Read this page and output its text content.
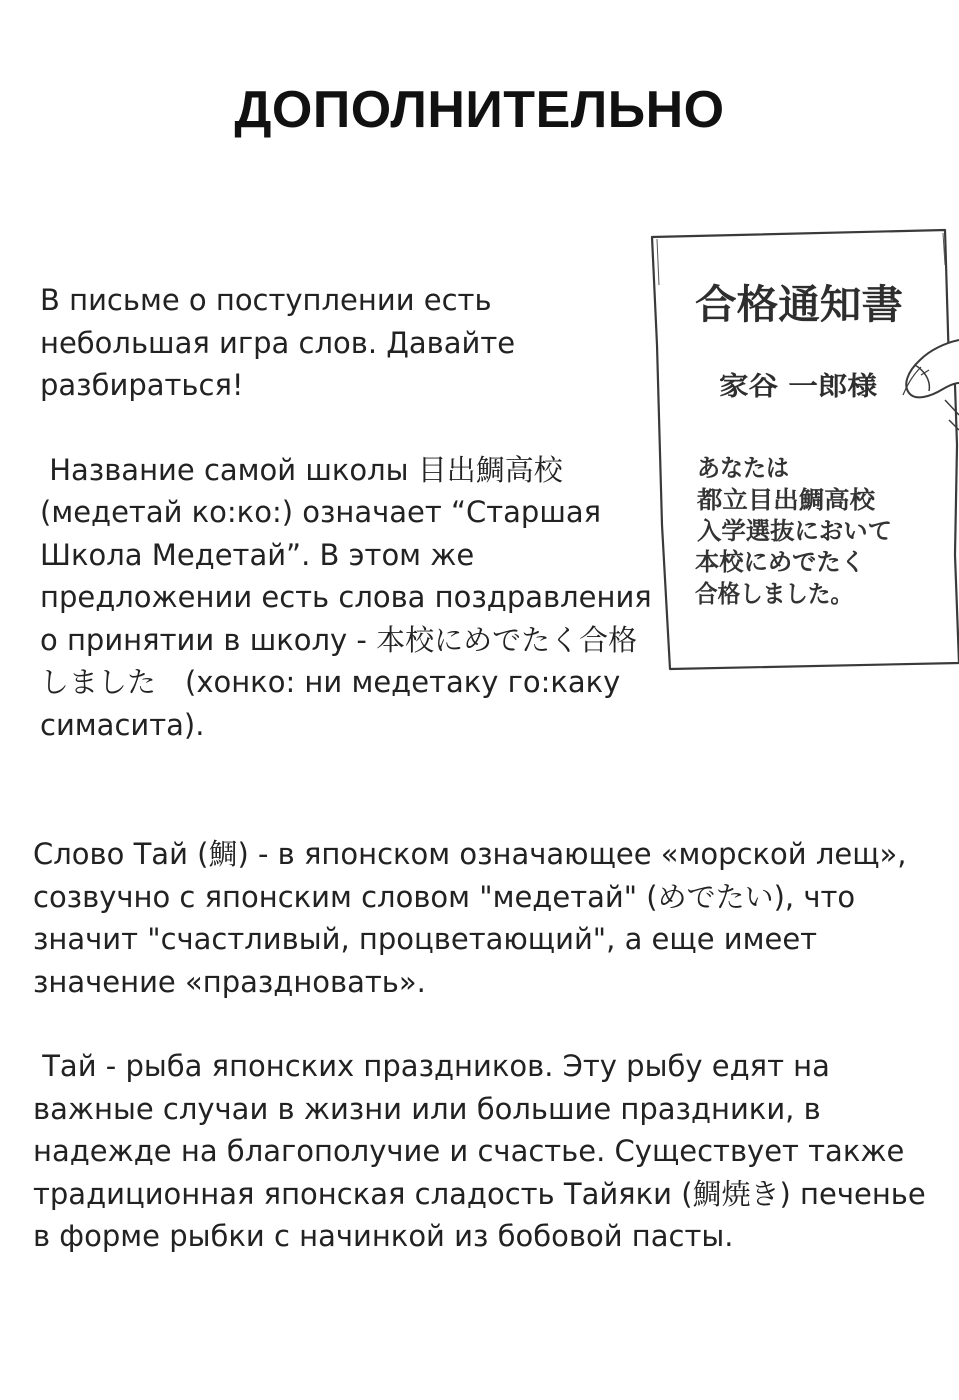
ДОПОЛНИТЕЛЬНО

В письме о поступлении есть небольшая игра слов. Давайте разбираться!

Название самой школы 目出鯛高校 (медетай ко:ко:) означает “Старшая Школа Медетай”. В этом же предложении есть слова поздравления о принятии в школу - 本校にめでたく合格しました　(хонко: ни медетаку го:каку симасита).

合格通知書
家谷 一郎様
あなたは
都立目出鯛高校
入学選抜において
本校にめでたく
合格しました。

Слово Тай (鯛) - в японском означающее «морской лещ», созвучно с японским словом "медетай" (めでたい), что значит "счастливый, процветающий", а еще имеет значение «праздновать».

Тай - рыба японских праздников. Эту рыбу едят на важные случаи в жизни или большие праздники, в надежде на благополучие и счастье. Существует также традиционная японская сладость Тайяки (鯛焼き) печенье в форме рыбки с начинкой из бобовой пасты.
